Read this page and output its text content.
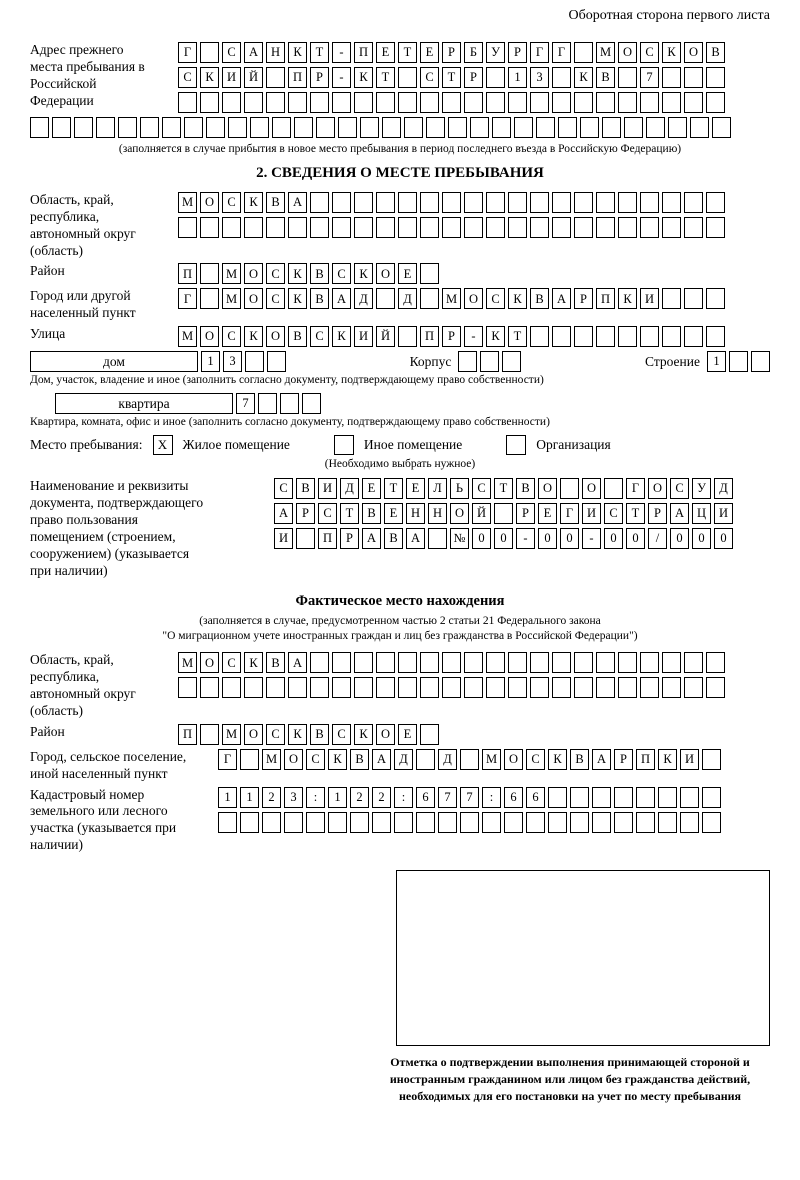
Оборотная сторона первого листа
Адрес прежнего места пребывания в Российской Федерации
Г	С	А	Н	К	Т	-	П	Е	Т	Е	Р	Б	У	Р	Г	Г	М О	С	К	О	В
С	К	И	Й	П	Р	-	К	Т	С	Т	Р	1	3	К	В	7
(заполняется в случае прибытия в новое место пребывания в период последнего въезда в Российскую Федерацию)
2. СВЕДЕНИЯ О МЕСТЕ ПРЕБЫВАНИЯ
Область, край, республика, автономный округ (область)
М О	С	К	В	А
Район	П	М О	С	К	В	С	К	О	Е
Город или другой населенный пункт
Г	М О	С	К	В	А	Д	Д	М О	С	К	В	А	Р	П	К	И
Улица	М О	С	К	О	В	С	К	И	Й	П	Р	-	К	Т
дом	1	3	Корпус	Строение	1
Дом, участок, владение и иное (заполнить согласно документу, подтверждающему право собственности)
квартира	7
Квартира, комната, офис и иное (заполнить согласно документу, подтверждающему право собственности)
Место пребывания:	X	Жилое помещение	Иное помещение	Организация
(Необходимо выбрать нужное)
Наименование и реквизиты документа, подтверждающего право пользования помещением (строением, сооружением) (указывается при наличии)
С	В	И	Д	Е	Т	Е	Л	Ь	С	Т	В	О	О	Г	О	С	У	Д
А	Р	С	Т	В	Е	Н	Н	О	Й	Р	Е	Г	И	С	Т	Р	А	Ц	И
И	П	Р	А	В	А	№	0	0	-	0	0	-	0	0	/	0	0	0
Фактическое место нахождения
(заполняется в случае, предусмотренном частью 2 статьи 21 Федерального закона
"О миграционном учете иностранных граждан и лиц без гражданства в Российской Федерации")
Область, край, республика, автономный округ (область)
М О	С	К	В	А
Район	П	М О	С	К	В	С	К	О	Е
Город, сельское поселение, иной населенный пункт
Г	М О	С	К	В	А	Д	Д	М О	С	К	В	А	Р	П	К	И
Кадастровый номер земельного или лесного участка (указывается при наличии)
1	1	2	3	:	1	2	2	:	6	7	7	:	6	6
Отметка о подтверждении выполнения принимающей стороной и иностранным гражданином или лицом без гражданства действий, необходимых для его постановки на учет по месту пребывания
